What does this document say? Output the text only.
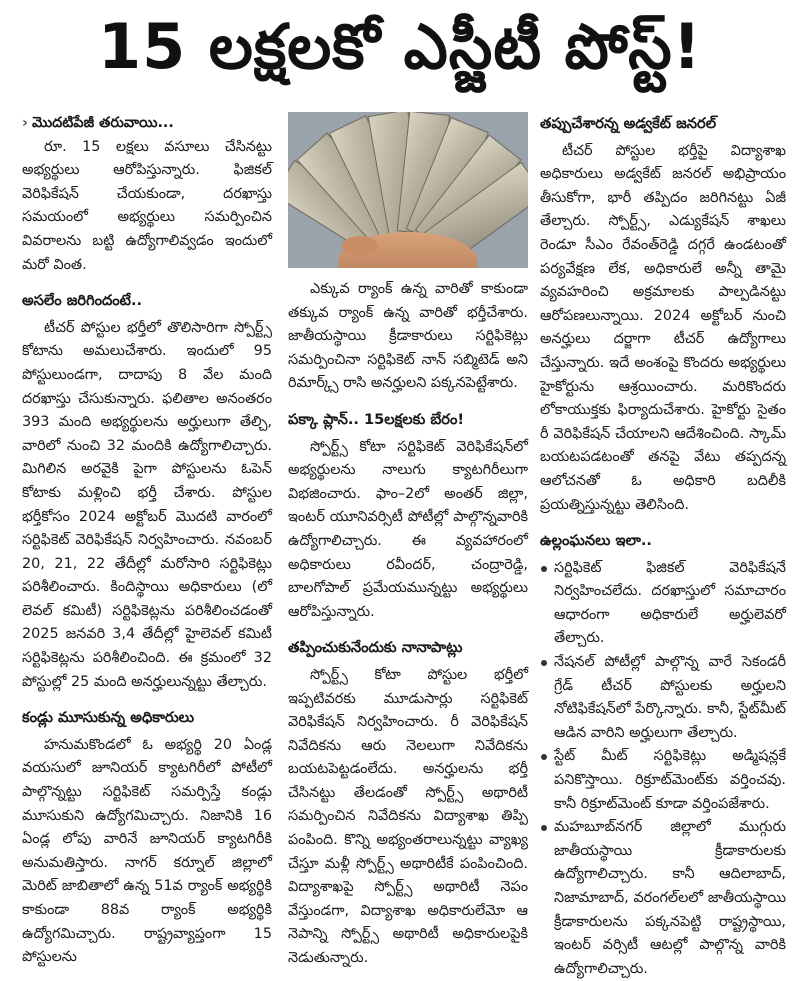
15 లక్షలకో ఎస్జీటీ పోస్ట్!
› మొదటిపేజీ తరువాయి...

రూ. 15 లక్షలు వసూలు చేసినట్టు అభ్యర్థులు ఆరోపిస్తున్నారు. ఫిజికల్ వెరిఫికేషన్ చేయకుండా, దరఖాస్తు సమయంలో అభ్యర్థులు సమర్పించిన వివరాలను బట్టి ఉద్యోగాలివ్వడం ఇందులో మరో వింత.

అసలేం జరిగిందంటే..

టీచర్ పోస్టుల భర్తీలో తొలిసారిగా స్పోర్ట్స్ కోటాను అమలుచేశారు. ఇందులో 95 పోస్టులుండగా, దాదాపు 8 వేల మంది దరఖాస్తు చేసుకున్నారు. ఫలితాల అనంతరం 393 మంది అభ్యర్థులను అర్హులుగా తేల్చి, వారిలో నుంచి 32 మందికి ఉద్యోగాలిచ్చారు. మిగిలిన అరవైకి పైగా పోస్టులను ఓపెన్ కోటాకు మళ్లించి భర్తీ చేశారు. పోస్టుల భర్తీకోసం 2024 అక్టోబర్ మొదటి వారంలో సర్టిఫికెట్ వెరిఫికేషన్ నిర్వహించారు. నవంబర్ 20, 21, 22 తేదీల్లో మరోసారి సర్టిఫికెట్లు పరిశీలించారు. కిందిస్థాయి అధికారులు (లో లెవల్ కమిటీ) సర్టిఫికెట్లను పరిశీలించడంతో 2025 జనవరి 3,4 తేదీల్లో హైలెవల్ కమిటీ సర్టిఫికెట్లను పరిశీలించింది. ఈ క్రమంలో 32 పోస్టుల్లో 25 మంది అనర్హులున్నట్టు తేల్చారు.

కండ్లు మూసుకున్న అధికారులు

హనుమకొండలో ఓ అభ్యర్థి 20 ఏండ్ల వయసులో జూనియర్ క్యాటగిరీలో పోటీలో పాల్గొన్నట్టు సర్టిఫికెట్ సమర్పిస్తే కండ్లు మూసుకుని ఉద్యోగమిచ్చారు. నిజానికి 16 ఏండ్ల లోపు వారినే జూనియర్ క్యాటగిరీకి అనుమతిస్తారు. నాగర్ కర్నూల్ జిల్లాలో మెరిట్ జాబితాలో ఉన్న 51వ ర్యాంక్ అభ్యర్థికి కాకుండా 88వ ర్యాంక్ అభ్యర్థికి ఉద్యోగమిచ్చారు. రాష్ట్రవ్యాప్తంగా 15 పోస్టులను

ఎక్కువ ర్యాంక్ ఉన్న వారితో కాకుండా తక్కువ ర్యాంక్ ఉన్న వారితో భర్తీచేశారు. జాతీయస్థాయి క్రీడాకారులు సర్టిఫికెట్లు సమర్పించినా సర్టిఫికెట్ నాన్ సబ్మిటెడ్ అని రిమార్క్స్ రాసి అనర్హులని పక్కనపెట్టేశారు.

పక్కా ప్లాన్.. 15లక్షలకు బేరం!

స్పోర్ట్స్ కోటా సర్టిఫికెట్ వెరిఫికేషన్‌లో అభ్యర్థులను నాలుగు క్యాటగిరీలుగా విభజించారు. ఫాం–2లో అంతర్ జిల్లా, ఇంటర్ యూనివర్సిటీ పోటీల్లో పాల్గొన్నవారికి ఉద్యోగాలిచ్చారు. ఈ వ్యవహారంలో అధికారులు రవీందర్, చంద్రారెడ్డి, బాలగోపాల్ ప్రమేయమున్నట్టు అభ్యర్థులు ఆరోపిస్తున్నారు.

తప్పించుకునేందుకు నానాపాట్లు

స్పోర్ట్స్ కోటా పోస్టుల భర్తీలో ఇప్పటివరకు మూడుసార్లు సర్టిఫికెట్ వెరిఫికేషన్ నిర్వహించారు. రీ వెరిఫికేషన్ నివేదికను ఆరు నెలలుగా నివేదికను బయటపెట్టడంలేదు. అనర్హులను భర్తీ చేసినట్టు తేలడంతో స్పోర్ట్స్ అథారిటీ సమర్పించిన నివేదికను విద్యాశాఖ తిప్పి పంపింది. కొన్ని అభ్యంతరాలున్నట్టు వ్యాఖ్య చేస్తూ మళ్లీ స్పోర్ట్స్ అథారిటీకే పంపించింది. విద్యాశాఖపై స్పోర్ట్స్ అథారిటీ నెపం వేస్తుండగా, విద్యాశాఖ అధికారులేమో ఆ నెపాన్ని స్పోర్ట్స్ అథారిటీ అధికారులపైకి నెడుతున్నారు.

తప్పుచేశారన్న అడ్వకేట్ జనరల్

టీచర్ పోస్టుల భర్తీపై విద్యాశాఖ అధికారులు అడ్వకేట్ జనరల్ అభిప్రాయం తీసుకోగా, భారీ తప్పిదం జరిగినట్టు ఏజీ తేల్చారు. స్పోర్ట్స్, ఎడ్యుకేషన్ శాఖలు రెండూ సీఎం రేవంత్‌రెడ్డి దగ్గరే ఉండటంతో పర్యవేక్షణ లేక, అధికారులే అన్నీ తామై వ్యవహరించి అక్రమాలకు పాల్పడినట్టు ఆరోపణలున్నాయి. 2024 అక్టోబర్ నుంచి అనర్హులు దర్జాగా టీచర్ ఉద్యోగాలు చేస్తున్నారు. ఇదే అంశంపై కొందరు అభ్యర్థులు హైకోర్టును ఆశ్రయించారు. మరికొందరు లోకాయుక్తకు ఫిర్యాదుచేశారు. హైకోర్టు సైతం రీ వెరిఫికేషన్ చేయాలని ఆదేశించింది. స్కామ్ బయటపడటంతో తనపై వేటు తప్పదన్న ఆలోచనతో ఓ అధికారి బదిలీకి ప్రయత్నిస్తున్నట్టు తెలిసింది.

ఉల్లంఘనలు ఇలా..
సర్టిఫికెట్ ఫిజికల్ వెరిఫికేషనే నిర్వహించలేదు. దరఖాస్తులో సమాచారం ఆధారంగా అధికారులే అర్హులెవరో తేల్చారు.
నేషనల్ పోటీల్లో పాల్గొన్న వారే సెకండరీ గ్రేడ్ టీచర్ పోస్టులకు అర్హులని నోటిఫికేషన్‌లో పేర్కొన్నారు. కానీ, స్టేట్‌మీట్ ఆడిన వారిని అర్హులుగా తేల్చారు.
స్టేట్ మీట్ సర్టిఫికెట్లు అడ్మిషన్లకే పనికొస్తాయి. రిక్రూట్‌మెంట్‌కు వర్తించవు. కానీ రిక్రూట్‌మెంట్ కూడా వర్తింపజేశారు.
మహబూబ్‌నగర్ జిల్లాలో ముగ్గురు జాతీయస్థాయి క్రీడాకారులకు ఉద్యోగాలిచ్చారు. కానీ ఆదిలాబాద్, నిజామాబాద్, వరంగల్‌లలో జాతీయస్థాయి క్రీడాకారులను పక్కనపెట్టి రాష్ట్రస్థాయి, ఇంటర్ వర్సిటీ ఆటల్లో పాల్గొన్న వారికి ఉద్యోగాలిచ్చారు.
